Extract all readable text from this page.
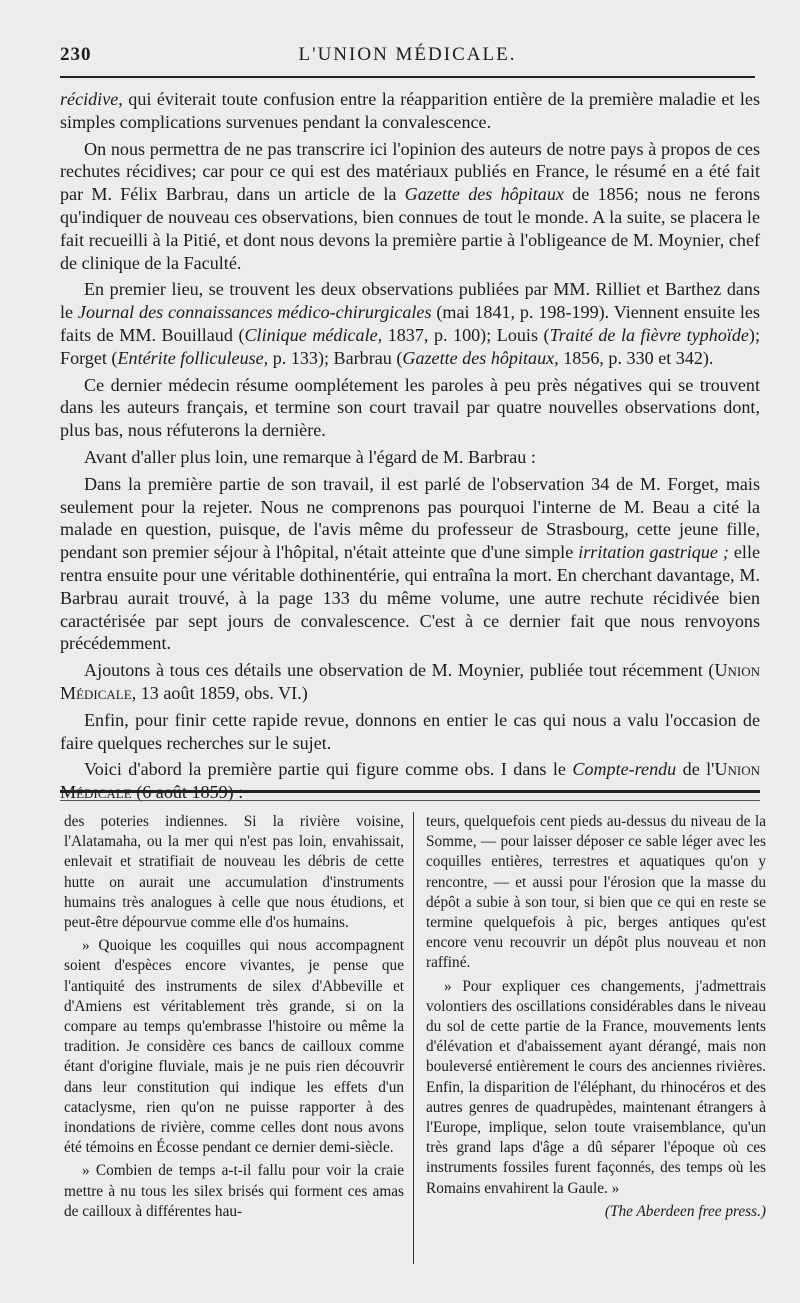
230	L'UNION MÉDICALE.

récidive, qui éviterait toute confusion entre la réapparition entière de la première maladie et les simples complications survenues pendant la convalescence.

On nous permettra de ne pas transcrire ici l'opinion des auteurs de notre pays à propos de ces rechutes récidives; car pour ce qui est des matériaux publiés en France, le résumé en a été fait par M. Félix Barbrau, dans un article de la Gazette des hôpitaux de 1856; nous ne ferons qu'indiquer de nouveau ces observations, bien connues de tout le monde. A la suite, se placera le fait recueilli à la Pitié, et dont nous devons la première partie à l'obligeance de M. Moynier, chef de clinique de la Faculté.

En premier lieu, se trouvent les deux observations publiées par MM. Rilliet et Barthez dans le Journal des connaissances médico-chirurgicales (mai 1841, p. 198-199). Viennent ensuite les faits de MM. Bouillaud (Clinique médicale, 1837, p. 100); Louis (Traité de la fièvre typhoïde); Forget (Entérite folliculeuse, p. 133); Barbrau (Gazette des hôpitaux, 1856, p. 330 et 342).

Ce dernier médecin résume oomplétement les paroles à peu près négatives qui se trouvent dans les auteurs français, et termine son court travail par quatre nouvelles observations dont, plus bas, nous réfuterons la dernière.

Avant d'aller plus loin, une remarque à l'égard de M. Barbrau :

Dans la première partie de son travail, il est parlé de l'observation 34 de M. Forget, mais seulement pour la rejeter. Nous ne comprenons pas pourquoi l'interne de M. Beau a cité la malade en question, puisque, de l'avis même du professeur de Strasbourg, cette jeune fille, pendant son premier séjour à l'hôpital, n'était atteinte que d'une simple irritation gastrique ; elle rentra ensuite pour une véritable dothinentérie, qui entraîna la mort. En cherchant davantage, M. Barbrau aurait trouvé, à la page 133 du même volume, une autre rechute récidivée bien caractérisée par sept jours de convalescence. C'est à ce dernier fait que nous renvoyons précédemment.

Ajoutons à tous ces détails une observation de M. Moynier, publiée tout récemment (Union Médicale, 13 août 1859, obs. VI.)

Enfin, pour finir cette rapide revue, donnons en entier le cas qui nous a valu l'occasion de faire quelques recherches sur le sujet.

Voici d'abord la première partie qui figure comme obs. I dans le Compte-rendu de l'Union Médicale (6 août 1859) :

des poteries indiennes. Si la rivière voisine, l'Alatamaha, ou la mer qui n'est pas loin, envahissait, enlevait et stratifiait de nouveau les débris de cette hutte on aurait une accumulation d'instruments humains très analogues à celle que nous étudions, et peut-être dépourvue comme elle d'os humains.

» Quoique les coquilles qui nous accompagnent soient d'espèces encore vivantes, je pense que l'antiquité des instruments de silex d'Abbeville et d'Amiens est véritablement très grande, si on la compare au temps qu'embrasse l'histoire ou même la tradition. Je considère ces bancs de cailloux comme étant d'origine fluviale, mais je ne puis rien découvrir dans leur constitution qui indique les effets d'un cataclysme, rien qu'on ne puisse rapporter à des inondations de rivière, comme celles dont nous avons été témoins en Écosse pendant ce dernier demi-siècle.

» Combien de temps a-t-il fallu pour voir la craie mettre à nu tous les silex brisés qui forment ces amas de cailloux à différentes hau-

teurs, quelquefois cent pieds au-dessus du niveau de la Somme, — pour laisser déposer ce sable léger avec les coquilles entières, terrestres et aquatiques qu'on y rencontre, — et aussi pour l'érosion que la masse du dépôt a subie à son tour, si bien que ce qui en reste se termine quelquefois à pic, berges antiques qu'est encore venu recouvrir un dépôt plus nouveau et non raffiné.

» Pour expliquer ces changements, j'admettrais volontiers des oscillations considérables dans le niveau du sol de cette partie de la France, mouvements lents d'élévation et d'abaissement ayant dérangé, mais non bouleversé entièrement le cours des anciennes rivières. Enfin, la disparition de l'éléphant, du rhinocéros et des autres genres de quadrupèdes, maintenant étrangers à l'Europe, implique, selon toute vraisemblance, qu'un très grand laps d'âge a dû séparer l'époque où ces instruments fossiles furent façonnés, des temps où les Romains envahirent la Gaule. »

(The Aberdeen free press.)
